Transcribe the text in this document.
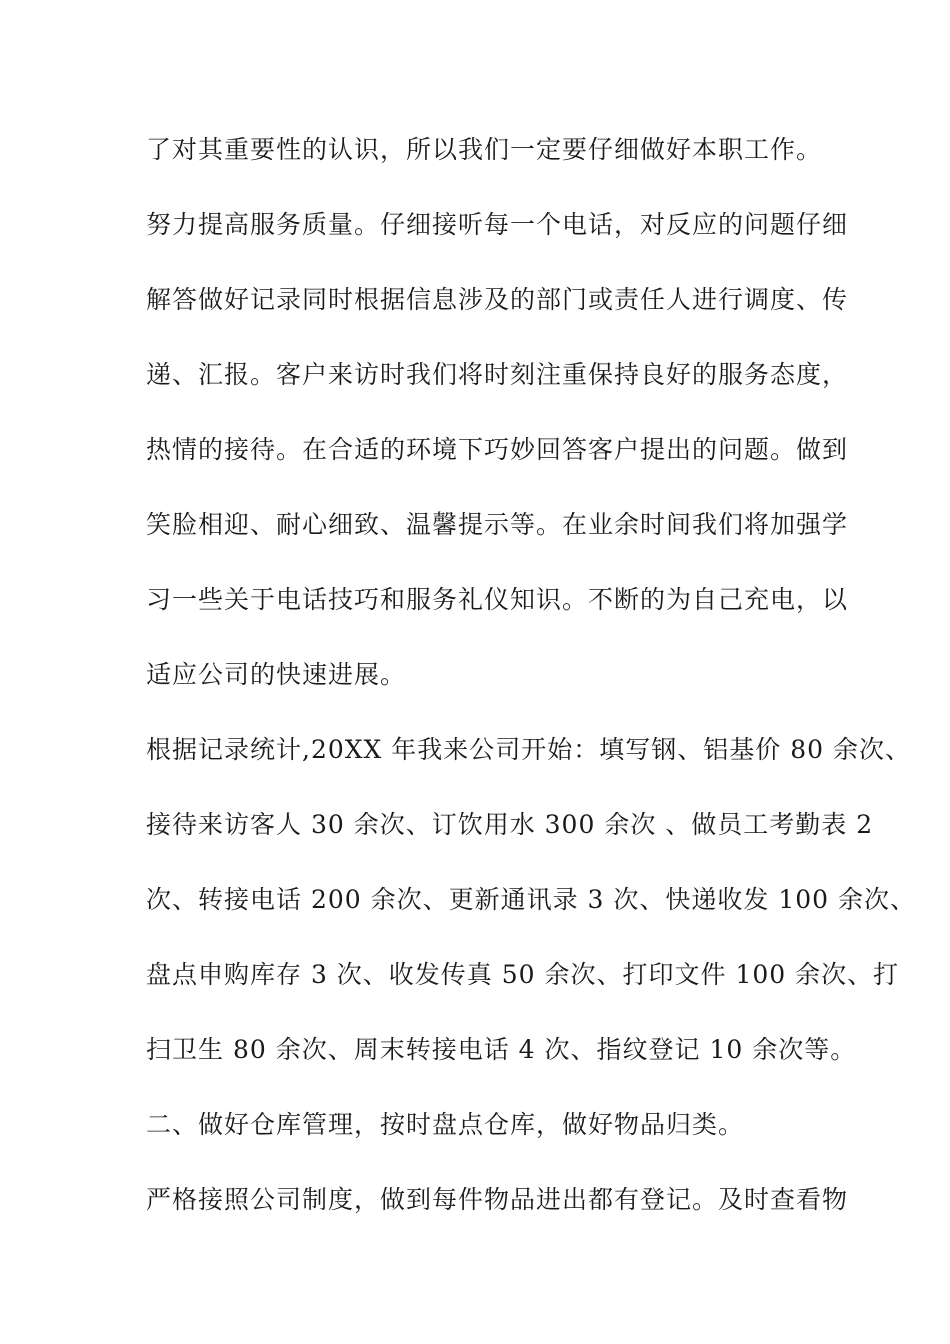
了对其重要性的认识，所以我们一定要仔细做好本职工作。
努力提高服务质量。仔细接听每一个电话，对反应的问题仔细
解答做好记录同时根据信息涉及的部门或责任人进行调度、传
递、汇报。客户来访时我们将时刻注重保持良好的服务态度，
热情的接待。在合适的环境下巧妙回答客户提出的问题。做到
笑脸相迎、耐心细致、温馨提示等。在业余时间我们将加强学
习一些关于电话技巧和服务礼仪知识。不断的为自己充电，以
适应公司的快速进展。
根据记录统计,20XX 年我来公司开始：填写钢、铝基价 80 余次、
接待来访客人 30 余次、订饮用水 300 余次 、做员工考勤表 2
次、转接电话 200 余次、更新通讯录 3 次、快递收发 100 余次、
盘点申购库存 3 次、收发传真 50 余次、打印文件 100 余次、打
扫卫生 80 余次、周末转接电话 4 次、指纹登记 10 余次等。
二、做好仓库管理，按时盘点仓库，做好物品归类。
严格接照公司制度，做到每件物品进出都有登记。及时查看物
